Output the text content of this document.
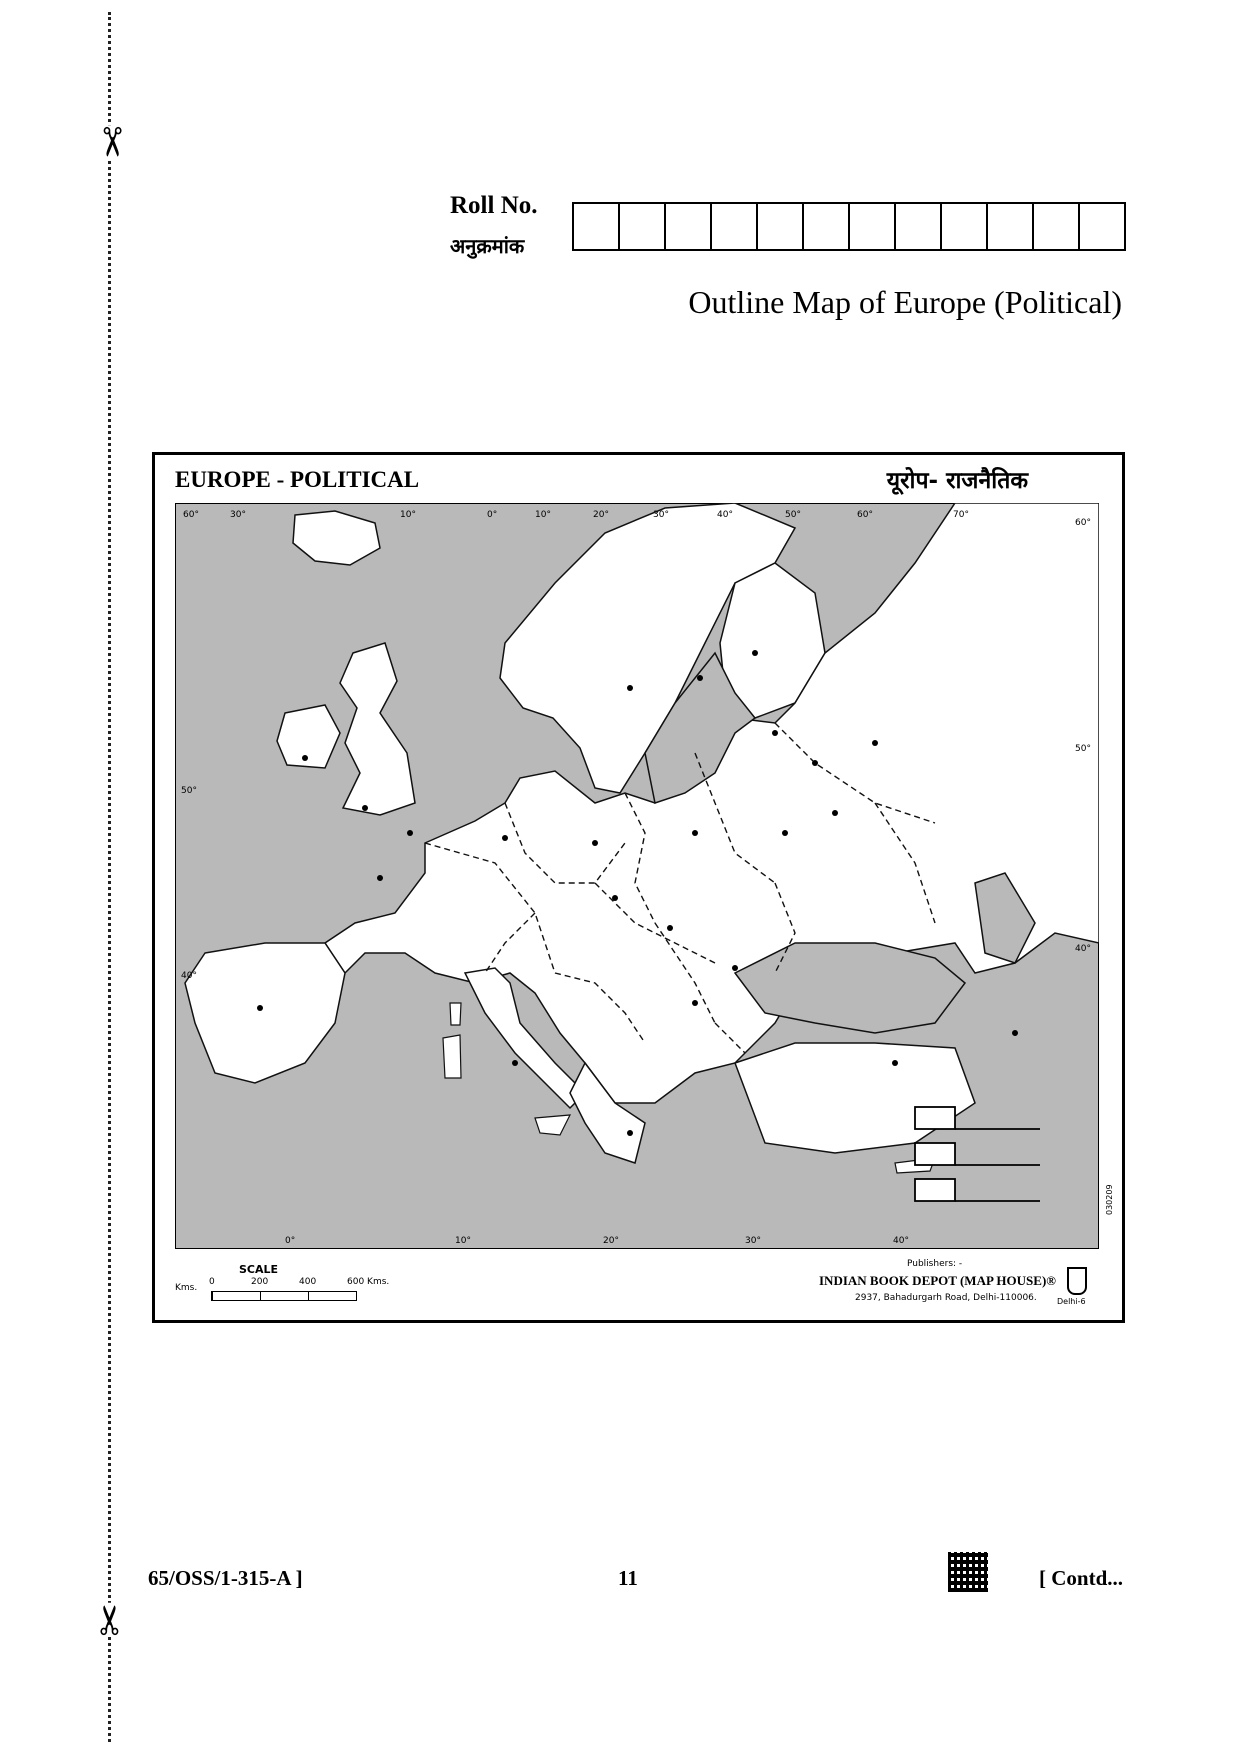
✂
✂
Roll No.
अनुक्रमांक
Outline Map of Europe (Political)
EUROPE - POLITICAL	यूरोप- राजनैतिक
60°	30°	10°	0°	10°	20°	30°	40°	50°	60°	70°
0°	10°	20°	30°	40°
50°
40°
60°
50°
40°
SCALE
Kms.
0	200	400	600 Kms.
Publishers: -
INDIAN BOOK DEPOT (MAP HOUSE)®
2937, Bahadurgarh Road, Delhi-110006.	Delhi-6
030209
65/OSS/1-315-A ]	11	[ Contd...
